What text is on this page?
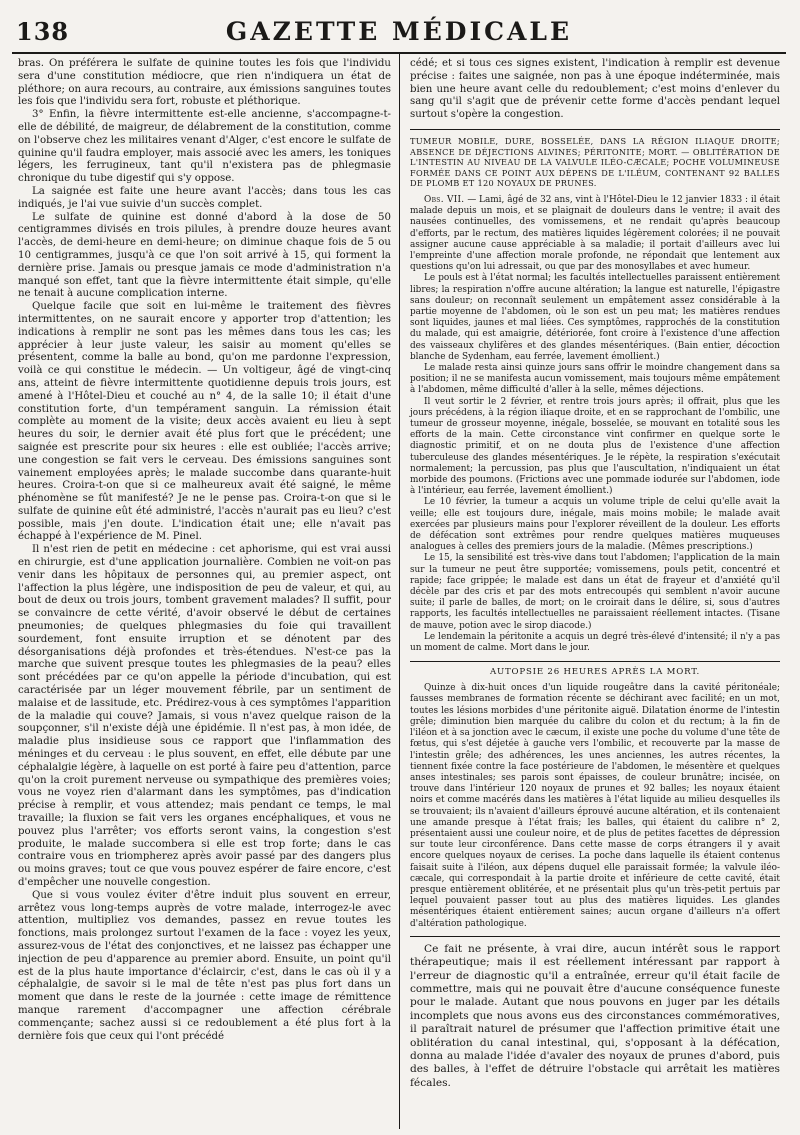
138	GAZETTE MÉDICALE

bras. On préférera le sulfate de quinine toutes les fois que l'individu sera d'une constitution médiocre, que rien n'indiquera un état de pléthore; on aura recours, au contraire, aux émissions sanguines toutes les fois que l'individu sera fort, robuste et pléthorique.

3° Enfin, la fièvre intermittente est-elle ancienne, s'accompagne-t-elle de débilité, de maigreur, de délabrement de la constitution, comme on l'observe chez les militaires venant d'Alger, c'est encore le sulfate de quinine qu'il faudra employer, mais associé avec les amers, les toniques légers, les ferrugineux, tant qu'il n'existera pas de phlegmasie chronique du tube digestif qui s'y oppose.

La saignée est faite une heure avant l'accès; dans tous les cas indiqués, je l'ai vue suivie d'un succès complet.

Le sulfate de quinine est donné d'abord à la dose de 50 centigrammes divisés en trois pilules, à prendre douze heures avant l'accès, de demi-heure en demi-heure; on diminue chaque fois de 5 ou 10 centigrammes, jusqu'à ce que l'on soit arrivé à 15, qui forment la dernière prise. Jamais ou presque jamais ce mode d'administration n'a manqué son effet, tant que la fièvre intermittente était simple, qu'elle ne tenait à aucune complication interne.

Quelque facile que soit en lui-même le traitement des fièvres intermittentes, on ne saurait encore y apporter trop d'attention; les indications à remplir ne sont pas les mêmes dans tous les cas; les apprécier à leur juste valeur, les saisir au moment qu'elles se présentent, comme la balle au bond, qu'on me pardonne l'expression, voilà ce qui constitue le médecin. — Un voltigeur, âgé de vingt-cinq ans, atteint de fièvre intermittente quotidienne depuis trois jours, est amené à l'Hôtel-Dieu et couché au n° 4, de la salle 10; il était d'une constitution forte, d'un tempérament sanguin. La rémission était complète au moment de la visite; deux accès avaient eu lieu à sept heures du soir, le dernier avait été plus fort que le précédent; une saignée est prescrite pour six heures : elle est oubliée; l'accès arrive; une congestion se fait vers le cerveau. Des émissions sanguines sont vainement employées après; le malade succombe dans quarante-huit heures. Croira-t-on que si ce malheureux avait été saigné, le même phénomène se fût manifesté? Je ne le pense pas. Croira-t-on que si le sulfate de quinine eût été administré, l'accès n'aurait pas eu lieu? c'est possible, mais j'en doute. L'indication était une; elle n'avait pas échappé à l'expérience de M. Pinel.

Il n'est rien de petit en médecine : cet aphorisme, qui est vrai aussi en chirurgie, est d'une application journalière. Combien ne voit-on pas venir dans les hôpitaux de personnes qui, au premier aspect, ont l'affection la plus légère, une indisposition de peu de valeur, et qui, au bout de deux ou trois jours, tombent gravement malades? Il suffit, pour se convaincre de cette vérité, d'avoir observé le début de certaines pneumonies; de quelques phlegmasies du foie qui travaillent sourdement, font ensuite irruption et se dénotent par des désorganisations déjà profondes et très-étendues. N'est-ce pas la marche que suivent presque toutes les phlegmasies de la peau? elles sont précédées par ce qu'on appelle la période d'incubation, qui est caractérisée par un léger mouvement fébrile, par un sentiment de malaise et de lassitude, etc. Prédirez-vous à ces symptômes l'apparition de la maladie qui couve? Jamais, si vous n'avez quelque raison de la soupçonner, s'il n'existe déjà une épidémie. Il n'est pas, à mon idée, de maladie plus insidieuse sous ce rapport que l'inflammation des méninges et du cerveau : le plus souvent, en effet, elle débute par une céphalalgie légère, à laquelle on est porté à faire peu d'attention, parce qu'on la croit purement nerveuse ou sympathique des premières voies; vous ne voyez rien d'alarmant dans les symptômes, pas d'indication précise à remplir, et vous attendez; mais pendant ce temps, le mal travaille; la fluxion se fait vers les organes encéphaliques, et vous ne pouvez plus l'arrêter; vos efforts seront vains, la congestion s'est produite, le malade succombera si elle est trop forte; dans le cas contraire vous en triompherez après avoir passé par des dangers plus ou moins graves; tout ce que vous pouvez espérer de faire encore, c'est d'empêcher une nouvelle congestion.

Que si vous voulez éviter d'être induit plus souvent en erreur, arrêtez vous long-temps auprès de votre malade, interrogez-le avec attention, multipliez vos demandes, passez en revue toutes les fonctions, mais prolongez surtout l'examen de la face : voyez les yeux, assurez-vous de l'état des conjonctives, et ne laissez pas échapper une injection de peu d'apparence au premier abord. Ensuite, un point qu'il est de la plus haute importance d'éclaircir, c'est, dans le cas où il y a céphalalgie, de savoir si le mal de tête n'est pas plus fort dans un moment que dans le reste de la journée : cette image de rémittence manque rarement d'accompagner une affection cérébrale commençante; sachez aussi si ce redoublement a été plus fort à la dernière fois que ceux qui l'ont précédé

cédé; et si tous ces signes existent, l'indication à remplir est devenue précise : faites une saignée, non pas à une époque indéterminée, mais bien une heure avant celle du redoublement; c'est moins d'enlever du sang qu'il s'agit que de prévenir cette forme d'accès pendant lequel surtout s'opère la congestion.

TUMEUR MOBILE, DURE, BOSSELÉE, DANS LA RÉGION ILIAQUE DROITE; ABSENCE DE DÉJECTIONS ALVINES; PÉRITONITE; MORT. — OBLITÉRATION DE L'INTESTIN AU NIVEAU DE LA VALVULE ILÉO-CÆCALE; POCHE VOLUMINEUSE FORMÉE DANS CE POINT AUX DÉPENS DE L'ILÉUM, CONTENANT 92 BALLES DE PLOMB ET 120 NOYAUX DE PRUNES.

Obs. VII. — Lami, âgé de 32 ans, vint à l'Hôtel-Dieu le 12 janvier 1833 : il était malade depuis un mois, et se plaignait de douleurs dans le ventre; il avait des nausées continuelles, des vomissemens, et ne rendait qu'après beaucoup d'efforts, par le rectum, des matières liquides légèrement colorées; il ne pouvait assigner aucune cause appréciable à sa maladie; il portait d'ailleurs avec lui l'empreinte d'une affection morale profonde, ne répondait que lentement aux questions qu'on lui adressait, ou que par des monosyllabes et avec humeur.

Le pouls est à l'état normal; les facultés intellectuelles paraissent entièrement libres; la respiration n'offre aucune altération; la langue est naturelle, l'épigastre sans douleur; on reconnaît seulement un empâtement assez considérable à la partie moyenne de l'abdomen, où le son est un peu mat; les matières rendues sont liquides, jaunes et mal liées. Ces symptômes, rapprochés de la constitution du malade, qui est amaigrie, détériorée, font croire à l'existence d'une affection des vaisseaux chylifères et des glandes mésentériques. (Bain entier, décoction blanche de Sydenham, eau ferrée, lavement émollient.)

Le malade resta ainsi quinze jours sans offrir le moindre changement dans sa position; il ne se manifesta aucun vomissement, mais toujours même empâtement à l'abdomen, même difficulté d'aller à la selle, mêmes déjections.

Il veut sortir le 2 février, et rentre trois jours après; il offrait, plus que les jours précédens, à la région iliaque droite, et en se rapprochant de l'ombilic, une tumeur de grosseur moyenne, inégale, bosselée, se mouvant en totalité sous les efforts de la main. Cette circonstance vint confirmer en quelque sorte le diagnostic primitif, et on ne douta plus de l'existence d'une affection tuberculeuse des glandes mésentériques. Je le répète, la respiration s'exécutait normalement; la percussion, pas plus que l'auscultation, n'indiquaient un état morbide des poumons. (Frictions avec une pommade iodurée sur l'abdomen, iode à l'intérieur, eau ferrée, lavement émollient.)

Le 10 février, la tumeur a acquis un volume triple de celui qu'elle avait la veille; elle est toujours dure, inégale, mais moins mobile; le malade avait exercées par plusieurs mains pour l'explorer réveillent de la douleur. Les efforts de défécation sont extrêmes pour rendre quelques matières muqueuses analogues à celles des premiers jours de la maladie. (Mêmes prescriptions.)

Le 15, la sensibilité est très-vive dans tout l'abdomen; l'application de la main sur la tumeur ne peut être supportée; vomissemens, pouls petit, concentré et rapide; face grippée; le malade est dans un état de frayeur et d'anxiété qu'il décèle par des cris et par des mots entrecoupés qui semblent n'avoir aucune suite; il parle de balles, de mort; on le croirait dans le délire, si, sous d'autres rapports, les facultés intellectuelles ne paraissaient réellement intactes. (Tisane de mauve, potion avec le sirop diacode.)

Le lendemain la péritonite a acquis un degré très-élevé d'intensité; il n'y a pas un moment de calme. Mort dans le jour.

AUTOPSIE 26 HEURES APRÈS LA MORT.

Quinze à dix-huit onces d'un liquide rougeâtre dans la cavité péritonéale; fausses membranes de formation récente se déchirant avec facilité; en un mot, toutes les lésions morbides d'une péritonite aiguë. Dilatation énorme de l'intestin grêle; diminution bien marquée du calibre du colon et du rectum; à la fin de l'iléon et à sa jonction avec le cæcum, il existe une poche du volume d'une tête de fœtus, qui s'est déjetée à gauche vers l'ombilic, et recouverte par la masse de l'intestin grêle; des adhérences, les unes anciennes, les autres récentes, la tiennent fixée contre la face postérieure de l'abdomen, le mésentère et quelques anses intestinales; ses parois sont épaisses, de couleur brunâtre; incisée, on trouve dans l'intérieur 120 noyaux de prunes et 92 balles; les noyaux étaient noirs et comme macérés dans les matières à l'état liquide au milieu desquelles ils se trouvaient; ils n'avaient d'ailleurs éprouvé aucune altération, et ils contenaient une amande presque à l'état frais; les balles, qui étaient du calibre n° 2, présentaient aussi une couleur noire, et de plus de petites facettes de dépression sur toute leur circonférence. Dans cette masse de corps étrangers il y avait encore quelques noyaux de cerises. La poche dans laquelle ils étaient contenus faisait suite à l'iléon, aux dépens duquel elle paraissait formée; la valvule iléo-cæcale, qui correspondait à la partie droite et inférieure de cette cavité, était presque entièrement oblitérée, et ne présentait plus qu'un très-petit pertuis par lequel pouvaient passer tout au plus des matières liquides. Les glandes mésentériques étaient entièrement saines; aucun organe d'ailleurs n'a offert d'altération pathologique.

Ce fait ne présente, à vrai dire, aucun intérêt sous le rapport thérapeutique; mais il est réellement intéressant par rapport à l'erreur de diagnostic qu'il a entraînée, erreur qu'il était facile de commettre, mais qui ne pouvait être d'aucune conséquence funeste pour le malade. Autant que nous pouvons en juger par les détails incomplets que nous avons eus des circonstances commémoratives, il paraîtrait naturel de présumer que l'affection primitive était une oblitération du canal intestinal, qui, s'opposant à la défécation, donna au malade l'idée d'avaler des noyaux de prunes d'abord, puis des balles, à l'effet de détruire l'obstacle qui arrêtait les matières fécales.
